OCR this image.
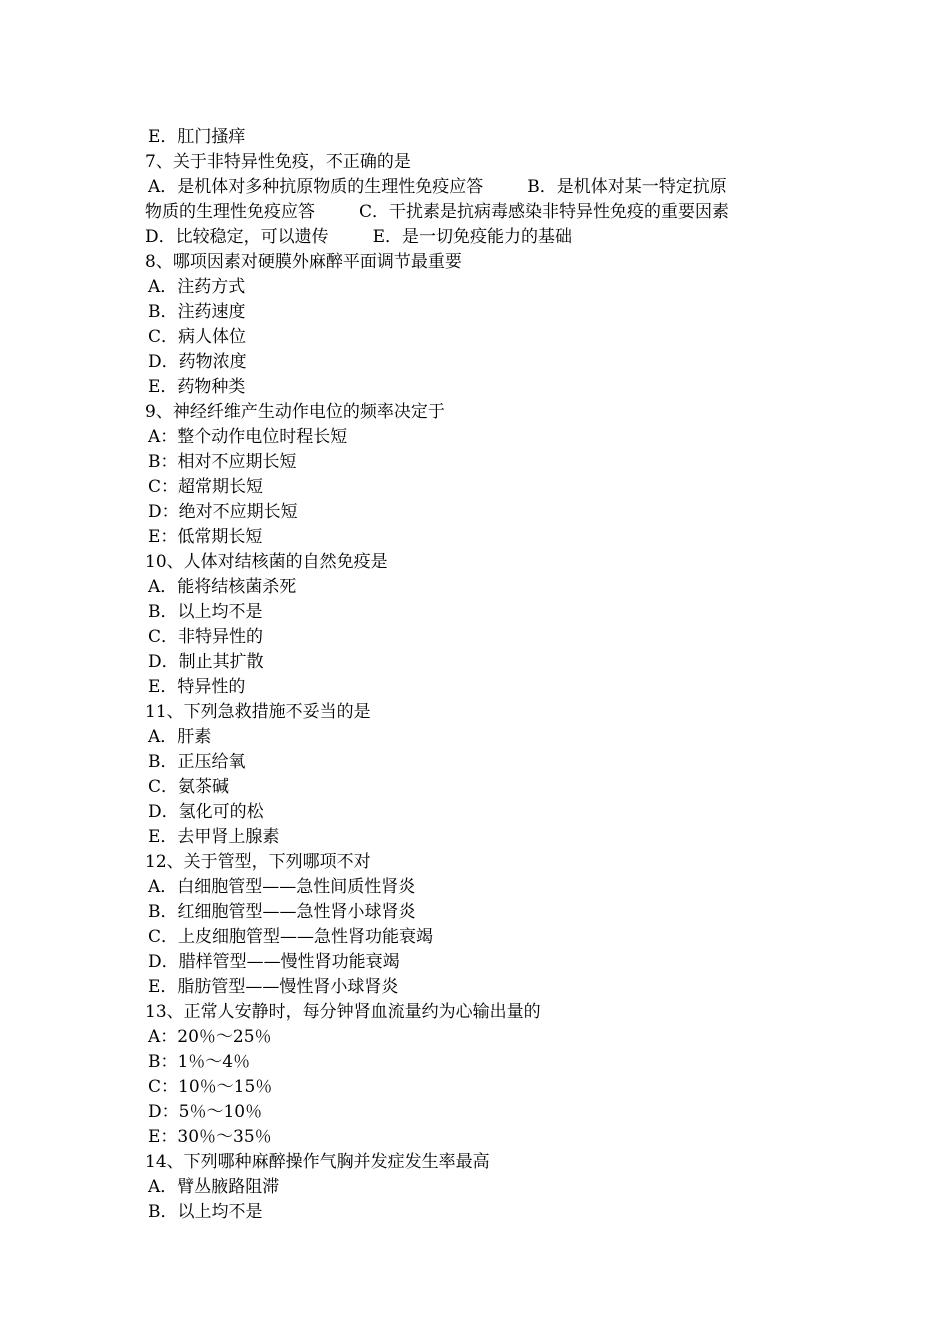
E．肛门搔痒
7、关于非特异性免疫，不正确的是
A．是机体对多种抗原物质的生理性免疫应答	B．是机体对某一特定抗原
物质的生理性免疫应答	C．干扰素是抗病毒感染非特异性免疫的重要因素
D．比较稳定，可以遗传	E．是一切免疫能力的基础
8、哪项因素对硬膜外麻醉平面调节最重要
A．注药方式
B．注药速度
C．病人体位
D．药物浓度
E．药物种类
9、神经纤维产生动作电位的频率决定于
A：整个动作电位时程长短
B：相对不应期长短
C：超常期长短
D：绝对不应期长短
E：低常期长短
10、人体对结核菌的自然免疫是
A．能将结核菌杀死
B．以上均不是
C．非特异性的
D．制止其扩散
E．特异性的
11、下列急救措施不妥当的是
A．肝素
B．正压给氧
C．氨茶碱
D．氢化可的松
E．去甲肾上腺素
12、关于管型，下列哪项不对
A．白细胞管型——急性间质性肾炎
B．红细胞管型——急性肾小球肾炎
C．上皮细胞管型——急性肾功能衰竭
D．腊样管型——慢性肾功能衰竭
E．脂肪管型——慢性肾小球肾炎
13、正常人安静时，每分钟肾血流量约为心输出量的
A：20％～25％
B：1％～4％
C：10％～15％
D：5％～10％
E：30％～35％
14、下列哪种麻醉操作气胸并发症发生率最高
A．臂丛腋路阻滞
B．以上均不是
